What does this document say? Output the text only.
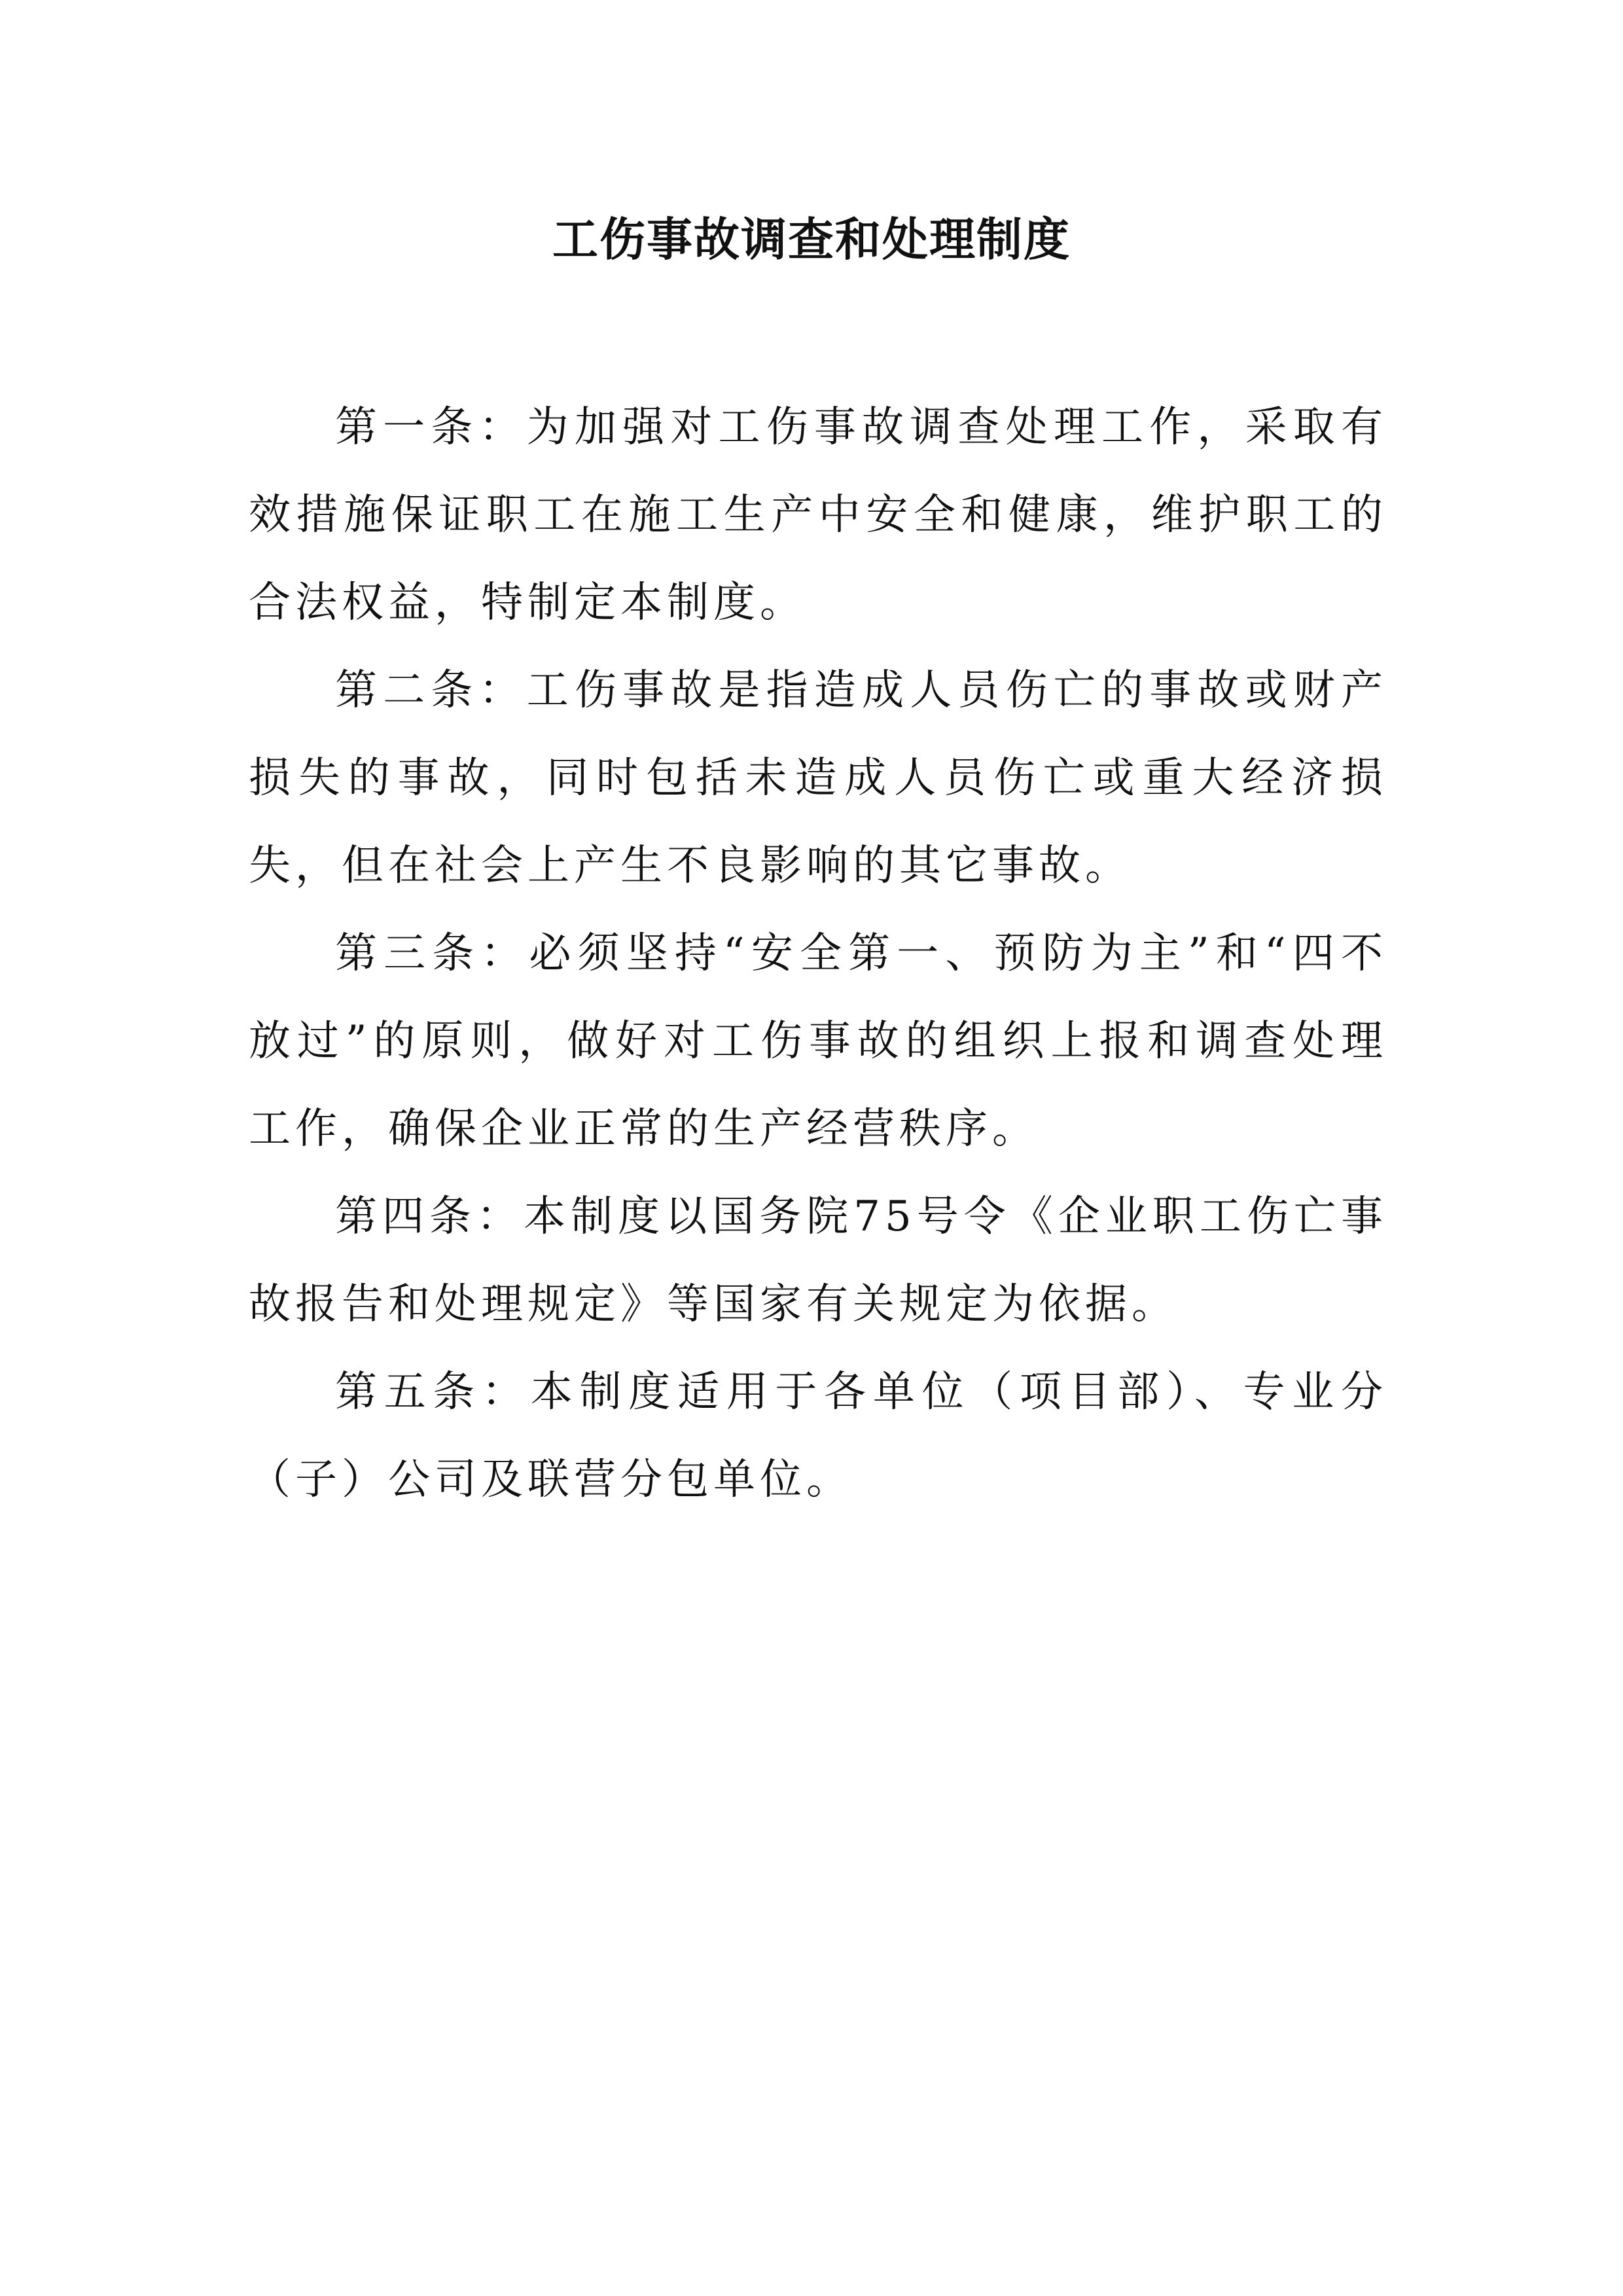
工伤事故调查和处理制度

第一条：为加强对工伤事故调查处理工作，采取有效措施保证职工在施工生产中安全和健康，维护职工的合法权益，特制定本制度。

第二条：工伤事故是指造成人员伤亡的事故或财产损失的事故，同时包括未造成人员伤亡或重大经济损失，但在社会上产生不良影响的其它事故。

第三条：必须坚持“安全第一、预防为主”和“四不放过”的原则，做好对工伤事故的组织上报和调查处理工作，确保企业正常的生产经营秩序。

第四条：本制度以国务院75号令《企业职工伤亡事故报告和处理规定》等国家有关规定为依据。

第五条：本制度适用于各单位（项目部）、专业分（子）公司及联营分包单位。
